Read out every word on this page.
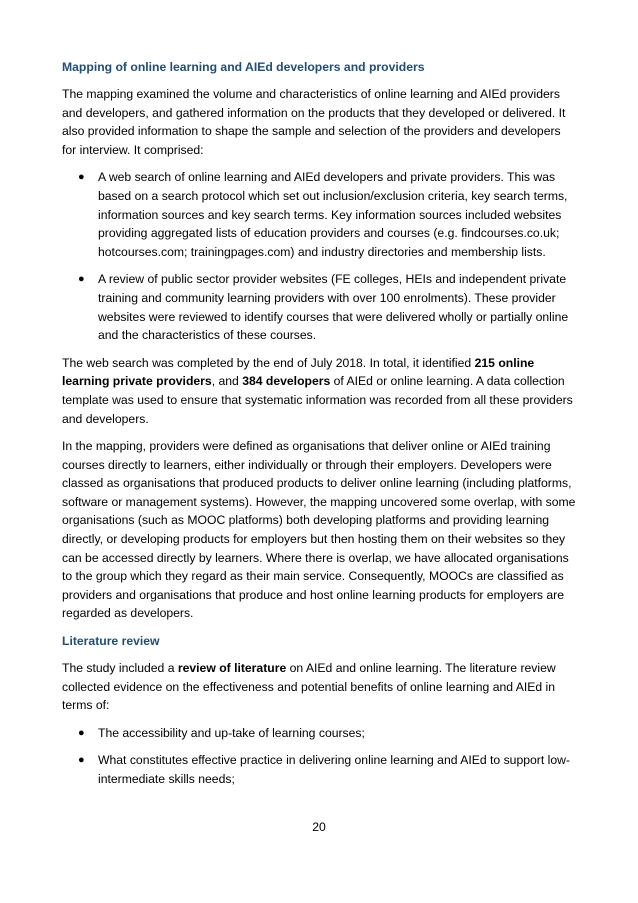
Mapping of online learning and AIEd developers and providers

The mapping examined the volume and characteristics of online learning and AIEd providers and developers, and gathered information on the products that they developed or delivered. It also provided information to shape the sample and selection of the providers and developers for interview. It comprised:

● A web search of online learning and AIEd developers and private providers. This was based on a search protocol which set out inclusion/exclusion criteria, key search terms, information sources and key search terms. Key information sources included websites providing aggregated lists of education providers and courses (e.g. findcourses.co.uk; hotcourses.com; trainingpages.com) and industry directories and membership lists.
● A review of public sector provider websites (FE colleges, HEIs and independent private training and community learning providers with over 100 enrolments). These provider websites were reviewed to identify courses that were delivered wholly or partially online and the characteristics of these courses.

The web search was completed by the end of July 2018. In total, it identified 215 online learning private providers, and 384 developers of AIEd or online learning. A data collection template was used to ensure that systematic information was recorded from all these providers and developers.

In the mapping, providers were defined as organisations that deliver online or AIEd training courses directly to learners, either individually or through their employers. Developers were classed as organisations that produced products to deliver online learning (including platforms, software or management systems). However, the mapping uncovered some overlap, with some organisations (such as MOOC platforms) both developing platforms and providing learning directly, or developing products for employers but then hosting them on their websites so they can be accessed directly by learners. Where there is overlap, we have allocated organisations to the group which they regard as their main service. Consequently, MOOCs are classified as providers and organisations that produce and host online learning products for employers are regarded as developers.

Literature review

The study included a review of literature on AIEd and online learning. The literature review collected evidence on the effectiveness and potential benefits of online learning and AIEd in terms of:

● The accessibility and up-take of learning courses;
● What constitutes effective practice in delivering online learning and AIEd to support low-intermediate skills needs;
20
